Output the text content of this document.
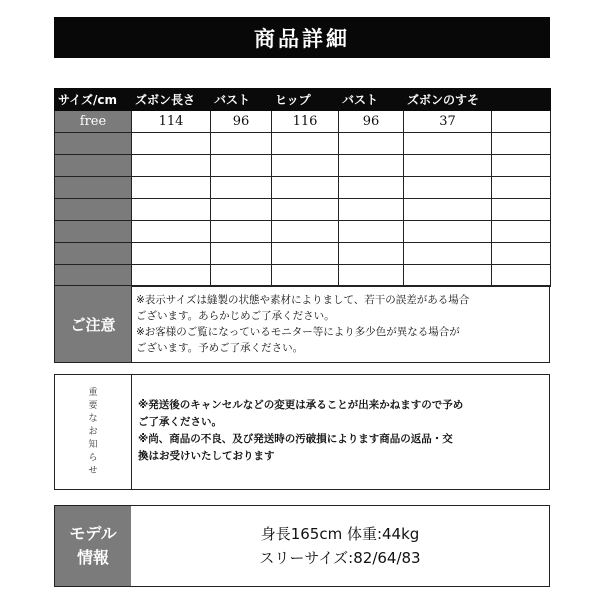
商品詳細
サイズ/cm	ズボン長さ	バスト	ヒップ	バスト	ズボンのすそ	
free	114	96	116	96	37	

ご注意
※表示サイズは縫製の状態や素材によりまして、若干の誤差がある場合
ございます。あらかじめご了承ください。
※お客様のご覧になっているモニター等により多少色が異なる場合が
ございます。予めご了承ください。
重
要
な
お
知
ら
せ
※発送後のキャンセルなどの変更は承ることが出来かねますので予め
ご了承ください。
※尚、商品の不良、及び発送時の汚破損によります商品の返品・交
換はお受けいたしております
モデル
情報
身長165cm 体重:44kg
スリーサイズ:82/64/83
